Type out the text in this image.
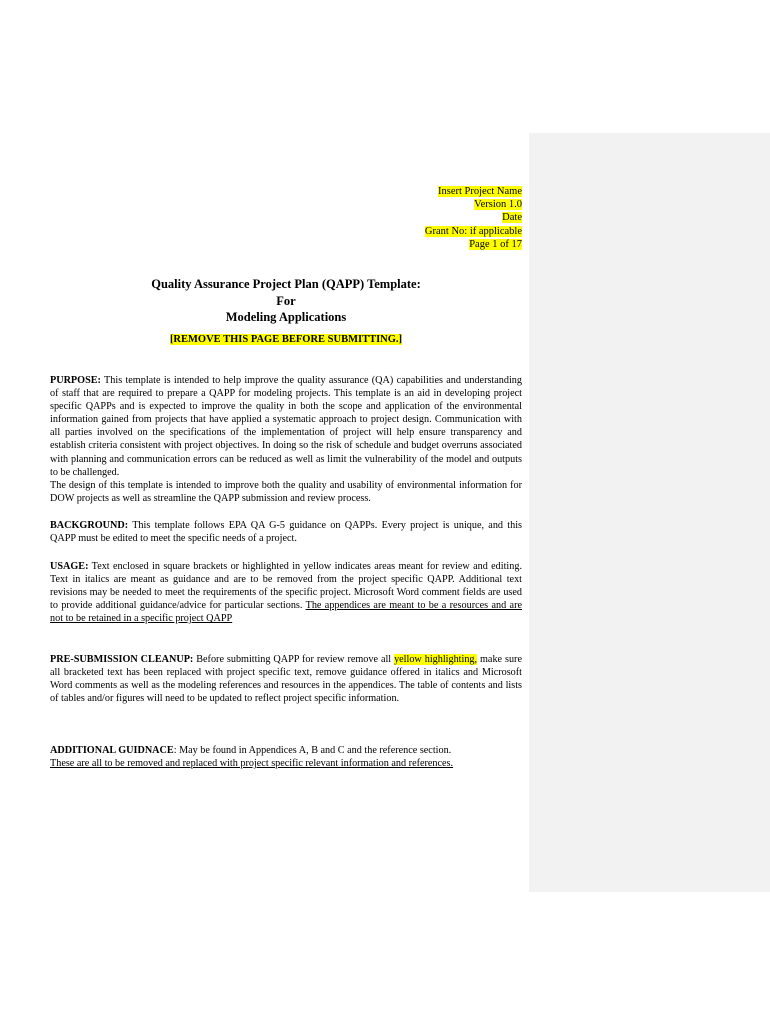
Insert Project Name
Version 1.0
Date
Grant No: if applicable
Page 1 of 17
Quality Assurance Project Plan (QAPP) Template:
For
Modeling Applications
[REMOVE THIS PAGE BEFORE SUBMITTING.]
PURPOSE: This template is intended to help improve the quality assurance (QA) capabilities and understanding of staff that are required to prepare a QAPP for modeling projects. This template is an aid in developing project specific QAPPs and is expected to improve the quality in both the scope and application of the environmental information gained from projects that have applied a systematic approach to project design. Communication with all parties involved on the specifications of the implementation of project will help ensure transparency and establish criteria consistent with project objectives. In doing so the risk of schedule and budget overruns associated with planning and communication errors can be reduced as well as limit the vulnerability of the model and outputs to be challenged.
The design of this template is intended to improve both the quality and usability of environmental information for DOW projects as well as streamline the QAPP submission and review process.
BACKGROUND: This template follows EPA QA G-5 guidance on QAPPs. Every project is unique, and this QAPP must be edited to meet the specific needs of a project.
USAGE: Text enclosed in square brackets or highlighted in yellow indicates areas meant for review and editing. Text in italics are meant as guidance and are to be removed from the project specific QAPP. Additional text revisions may be needed to meet the requirements of the specific project. Microsoft Word comment fields are used to provide additional guidance/advice for particular sections. The appendices are meant to be a resources and are not to be retained in a specific project QAPP
PRE-SUBMISSION CLEANUP: Before submitting QAPP for review remove all yellow highlighting, make sure all bracketed text has been replaced with project specific text, remove guidance offered in italics and Microsoft Word comments as well as the modeling references and resources in the appendices. The table of contents and lists of tables and/or figures will need to be updated to reflect project specific information.
ADDITIONAL GUIDNACE: May be found in Appendices A, B and C and the reference section.
These are all to be removed and replaced with project specific relevant information and references.
